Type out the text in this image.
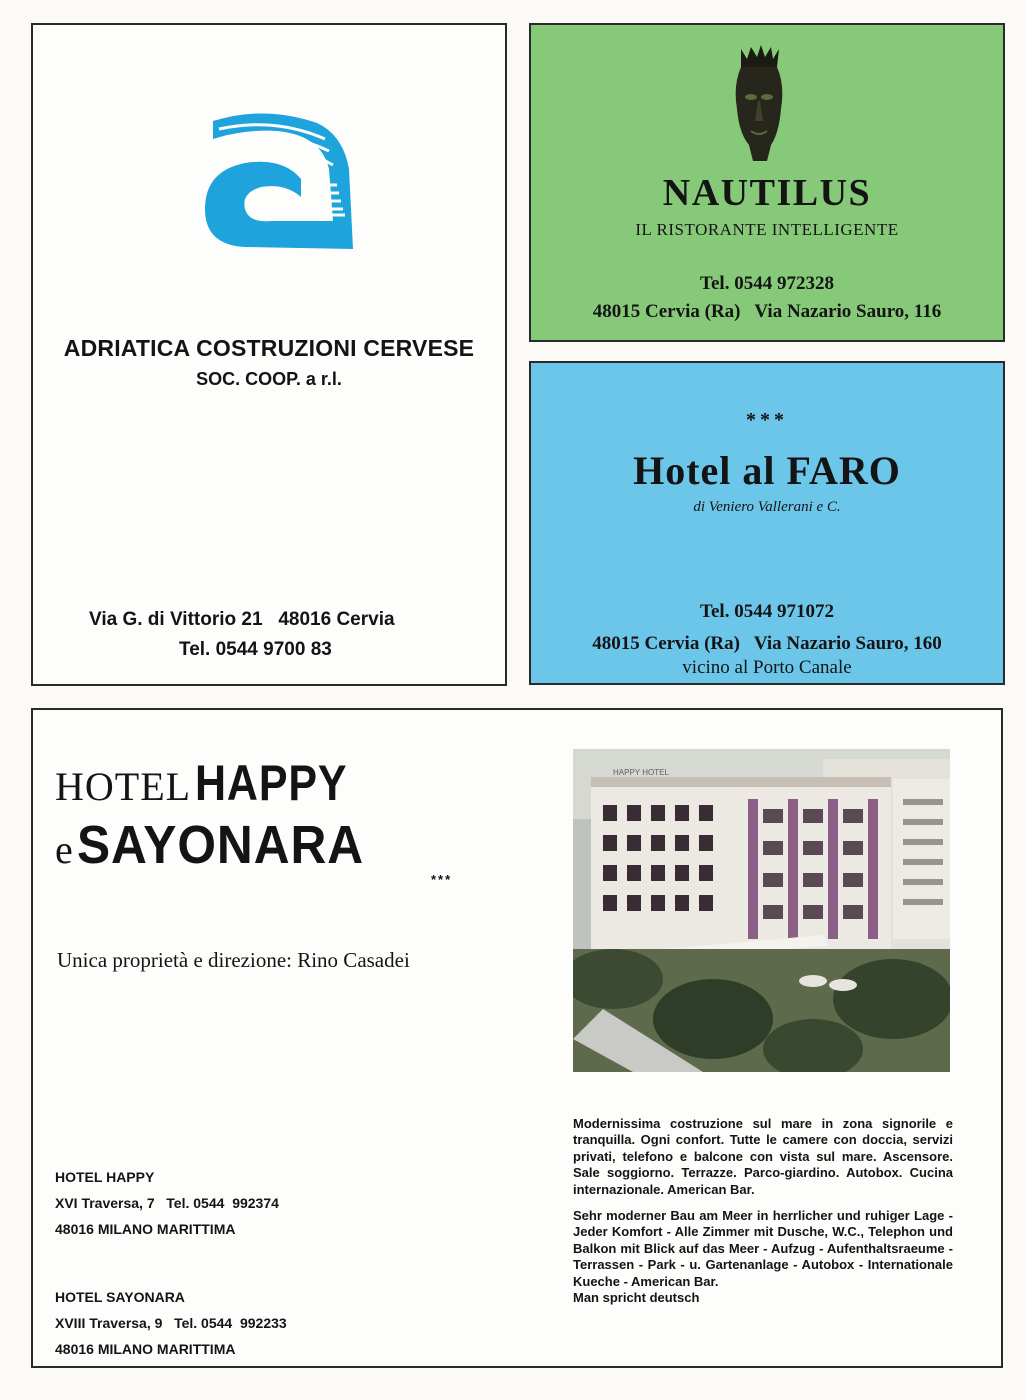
ADRIATICA COSTRUZIONI CERVESE
SOC. COOP. a r.l.
Via G. di Vittorio 21   48016 Cervia
Tel. 0544 9700 83
NAUTILUS
IL RISTORANTE INTELLIGENTE
Tel. 0544 972328
48015 Cervia (Ra)   Via Nazario Sauro, 116
***
Hotel al FARO
di Veniero Vallerani e C.
Tel. 0544 971072
48015 Cervia (Ra)   Via Nazario Sauro, 160
vicino al Porto Canale
HOTEL HAPPY
e SAYONARA
***
Unica proprietà e direzione: Rino Casadei
HOTEL HAPPY
XVI Traversa, 7   Tel. 0544  992374
48016 MILANO MARITTIMA
HOTEL SAYONARA
XVIII Traversa, 9   Tel. 0544  992233
48016 MILANO MARITTIMA
HAPPY HOTEL

Modernissima costruzione sul mare in zona signorile e tranquilla. Ogni confort. Tutte le camere con doccia, servizi privati, telefono e balcone con vista sul mare. Ascensore. Sale soggiorno. Terrazze. Parco-giardino. Autobox. Cucina internazionale. American Bar.

Sehr moderner Bau am Meer in herrlicher und ruhiger Lage - Jeder Komfort - Alle Zimmer mit Dusche, W.C., Telephon und Balkon mit Blick auf das Meer - Aufzug - Aufenthaltsraeume - Terrassen - Park - u. Gartenanlage - Autobox - Internationale Kueche - American Bar.

Man spricht deutsch
